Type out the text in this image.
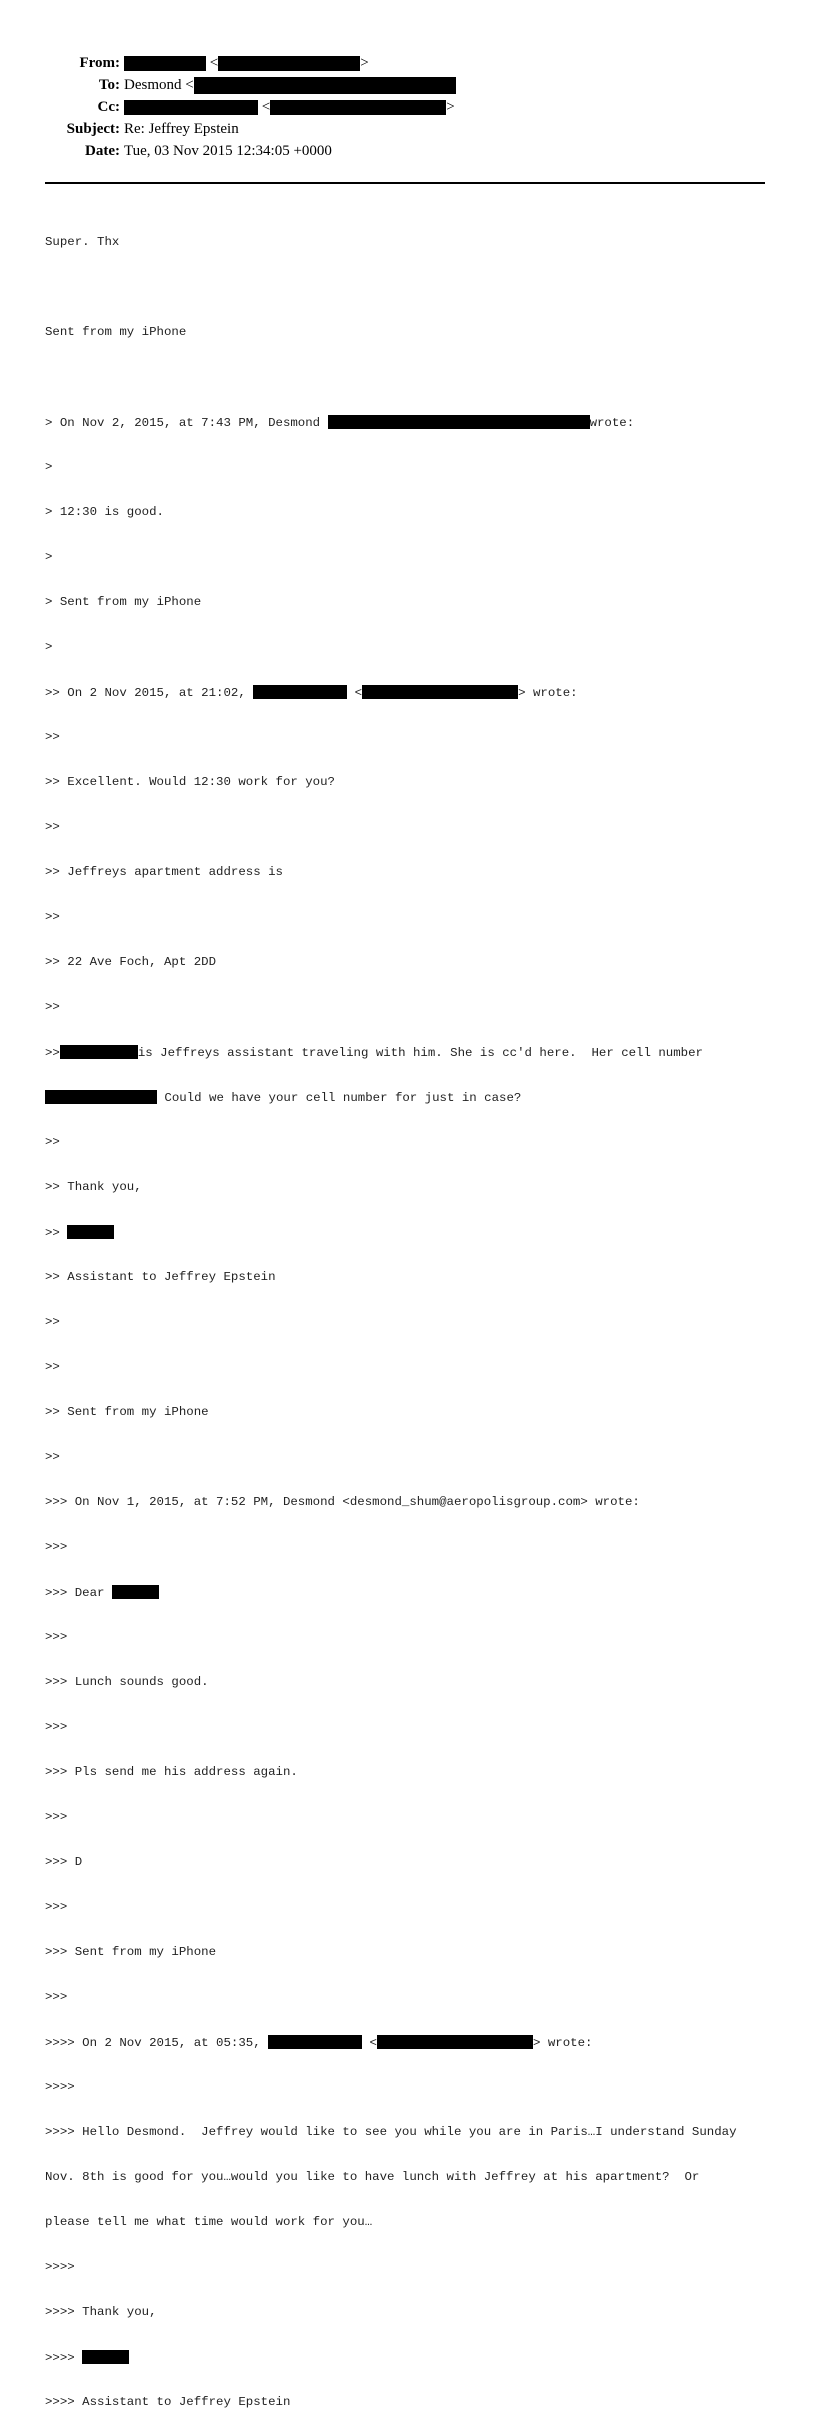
From:	<	>
To: Desmond <
Cc:	<	>
Subject: Re: Jeffrey Epstein
Date: Tue, 03 Nov 2015 12:34:05 +0000

Super. Thx

Sent from my iPhone

> On Nov 2, 2015, at 7:43 PM, Desmond	wrote:

>

> 12:30 is good.

>

> Sent from my iPhone

>

>> On 2 Nov 2015, at 21:02,	<	> wrote:

>>

>> Excellent. Would 12:30 work for you?

>>

>> Jeffreys apartment address is

>>

>> 22 Ave Foch, Apt 2DD

>>

>>	is Jeffreys assistant traveling with him. She is cc'd here.  Her cell number

Could we have your cell number for just in case?

>>

>> Thank you,

>>

>> Assistant to Jeffrey Epstein

>>

>>

>> Sent from my iPhone

>>

>>> On Nov 1, 2015, at 7:52 PM, Desmond <desmond_shum@aeropolisgroup.com> wrote:

>>>

>>> Dear

>>>

>>> Lunch sounds good.

>>>

>>> Pls send me his address again.

>>>

>>> D

>>>

>>> Sent from my iPhone

>>>

>>>> On 2 Nov 2015, at 05:35,	<	> wrote:

>>>>

>>>> Hello Desmond.  Jeffrey would like to see you while you are in Paris…I understand Sunday

Nov. 8th is good for you…would you like to have lunch with Jeffrey at his apartment?  Or

please tell me what time would work for you…

>>>>

>>>> Thank you,

>>>>

>>>> Assistant to Jeffrey Epstein
